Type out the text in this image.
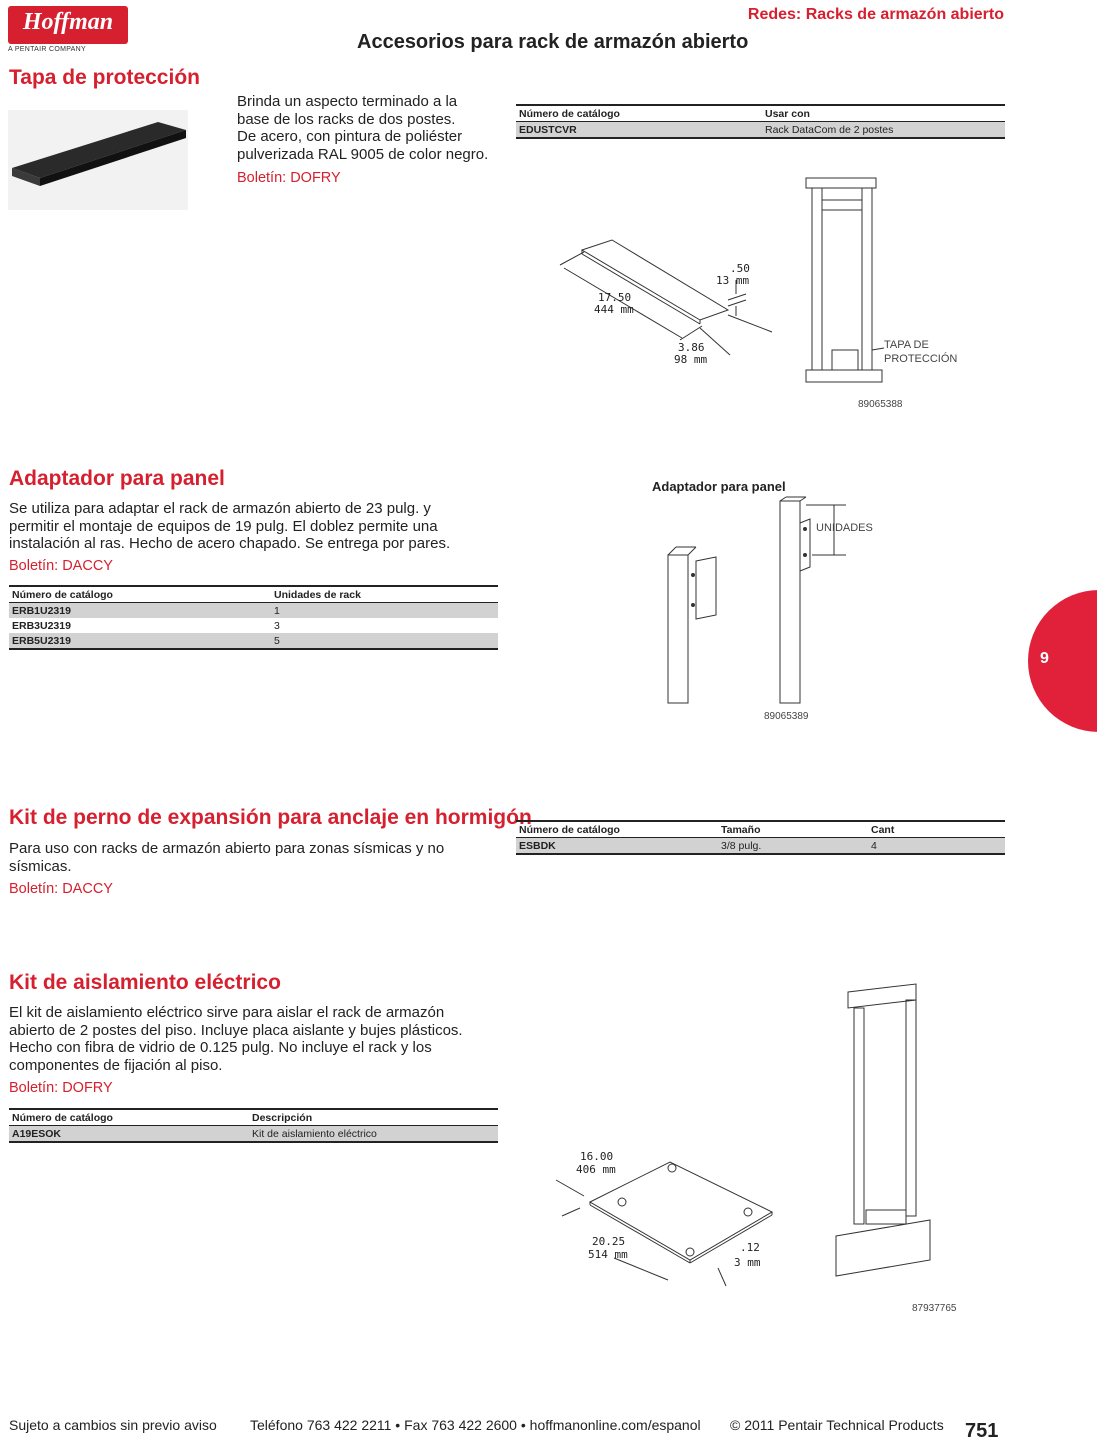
Hoffman
A PENTAIR COMPANY
Redes: Racks de armazón abierto
Accesorios para rack de armazón abierto
Tapa de protección
Brinda un aspecto terminado a la
base de los racks de dos postes.
De acero, con pintura de poliéster
pulverizada RAL 9005 de color negro.
Boletín: DOFRY
Número de catálogo	Usar con
EDUSTCVR	Rack DataCom de 2 postes
.50
13 mm
17.50
444 mm
3.86
98 mm
TAPA DE
PROTECCIÓN
89065388
Adaptador para panel
Se utiliza para adaptar el rack de armazón abierto de 23 pulg. y
permitir el montaje de equipos de 19 pulg. El doblez permite una
instalación al ras. Hecho de acero chapado. Se entrega por pares.
Boletín: DACCY
Número de catálogo	Unidades de rack
ERB1U2319	1
ERB3U2319	3
ERB5U2319	5
Adaptador para panel
UNIDADES
89065389
9
Kit de perno de expansión para anclaje en hormigón
Para uso con racks de armazón abierto para zonas sísmicas y no
sísmicas.
Boletín: DACCY
Número de catálogo	Tamaño	Cant
ESBDK	3/8 pulg.	4
Kit de aislamiento eléctrico
El kit de aislamiento eléctrico sirve para aislar el rack de armazón
abierto de 2 postes del piso. Incluye placa aislante y bujes plásticos.
Hecho con fibra de vidrio de 0.125 pulg. No incluye el rack y los
componentes de fijación al piso.
Boletín: DOFRY
Número de catálogo	Descripción
A19ESOK	Kit de aislamiento eléctrico
16.00
406 mm
20.25
514 mm
.12
3 mm
87937765
Sujeto a cambios sin previo aviso Teléfono 763 422 2211 • Fax 763 422 2600 • hoffmanonline.com/espanol © 2011 Pentair Technical Products 751
